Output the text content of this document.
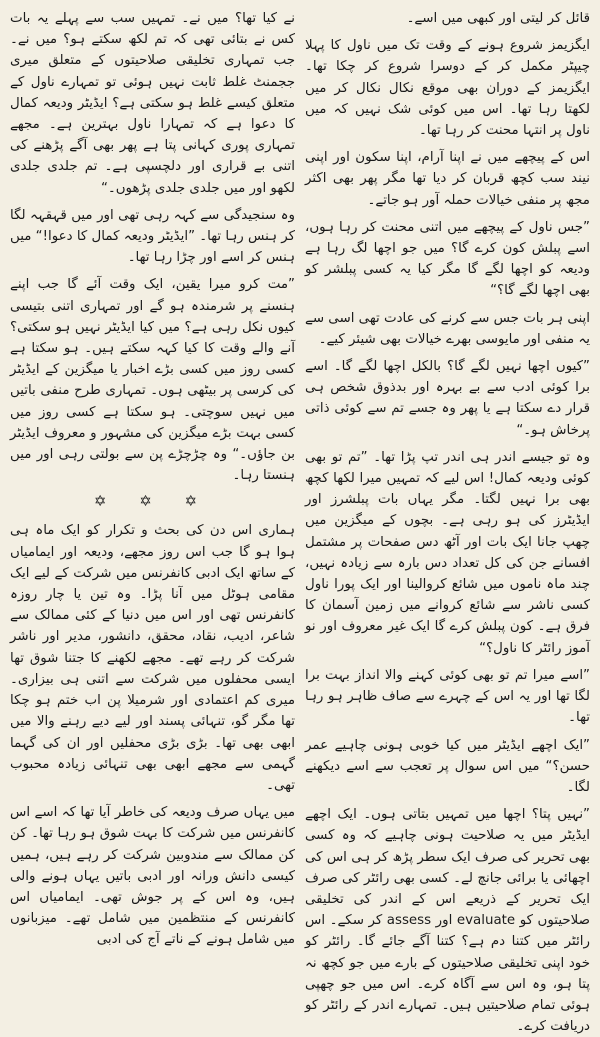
قائل کر لیتی اور کبھی میں اسے۔

ایگزیمز شروع ہونے کے وقت تک میں ناول کا پہلا چیپٹر مکمل کر کے دوسرا شروع کر چکا تھا۔ ایگزیمز کے دوران بھی موقع نکال نکال کر میں لکھتا رہا تھا۔ اس میں کوئی شک نہیں کہ میں ناول پر انتہا محنت کر رہا تھا۔

اس کے پیچھے میں نے اپنا آرام، اپنا سکون اور اپنی نیند سب کچھ قربان کر دیا تھا مگر پھر بھی اکثر مجھ پر منفی خیالات حملہ آور ہو جاتے۔

”جس ناول کے پیچھے میں اتنی محنت کر رہا ہوں، اسے پبلش کون کرے گا؟ میں جو اچھا لگ رہا ہے ودیعہ کو اچھا لگے گا مگر کیا یہ کسی پبلشر کو بھی اچھا لگے گا؟“

اپنی ہر بات جس سے کرنے کی عادت تھی اسی سے یہ منفی اور مایوسی بھرے خیالات بھی شیئر کیے۔

”کیوں اچھا نہیں لگے گا؟ بالکل اچھا لگے گا۔ اسے برا کوئی ادب سے بے بہرہ اور بدذوق شخص ہی قرار دے سکتا ہے یا پھر وہ جسے تم سے کوئی ذاتی پرخاش ہو۔“

وہ تو جیسے اندر ہی اندر تپ پڑا تھا۔ ”تم تو بھی کوئی ودیعہ کمال! اس لیے کہ تمہیں میرا لکھا کچھ بھی برا نہیں لگتا۔ مگر یہاں بات پبلشرز اور ایڈیٹرز کی ہو رہی ہے۔ بچوں کے میگزین میں چھپ جانا ایک بات اور آٹھ دس صفحات پر مشتمل افسانے جن کی کل تعداد دس بارہ سے زیادہ نہیں، چند ماہ ناموں میں شائع کروالینا اور ایک پورا ناول کسی ناشر سے شائع کروانے میں زمین آسمان کا فرق ہے۔ کون پبلش کرے گا ایک غیر معروف اور نو آموز رائٹر کا ناول؟“

”اسے میرا تم تو بھی کوئی کہنے والا انداز بہت برا لگا تھا اور یہ اس کے چہرے سے صاف ظاہر ہو رہا تھا۔

”ایک اچھے ایڈیٹر میں کیا خوبی ہونی چاہیے عمر حسن؟“ میں اس سوال پر تعجب سے اسے دیکھنے لگا۔

”نہیں پتا؟ اچھا میں تمہیں بتاتی ہوں۔ ایک اچھے ایڈیٹر میں یہ صلاحیت ہونی چاہیے کہ وہ کسی بھی تحریر کی صرف ایک سطر پڑھ کر ہی اس کی اچھائی یا برائی جانچ لے۔ کسی بھی رائٹر کی صرف ایک تحریر کے ذریعے اس کے اندر کی تخلیقی صلاحیتوں کو evaluate اور assess کر سکے۔ اس رائٹر میں کتنا دم ہے؟ کتنا آگے جائے گا۔ رائٹر کو خود اپنی تخلیقی صلاحیتوں کے بارے میں جو کچھ نہ پتا ہو، وہ اس سے آگاہ کرے۔ اس میں جو چھپی ہوئی تمام صلاحیتیں ہیں۔ تمہارے اندر کے رائٹر کو دریافت کرے۔

نے کیا تھا؟ میں نے۔ تمہیں سب سے پہلے یہ بات کس نے بتائی تھی کہ تم لکھ سکتے ہو؟ میں نے۔ جب تمہاری تخلیقی صلاحیتوں کے متعلق میری ججمنٹ غلط ثابت نہیں ہوئی تو تمہارے ناول کے متعلق کیسے غلط ہو سکتی ہے؟ ایڈیٹر ودیعہ کمال کا دعوا ہے کہ تمہارا ناول بہترین ہے۔ مجھے تمہاری پوری کہانی پتا ہے پھر بھی آگے پڑھنے کی اتنی بے قراری اور دلچسپی ہے۔ تم جلدی جلدی لکھو اور میں جلدی جلدی پڑھوں۔“

وہ سنجیدگی سے کہہ رہی تھی اور میں قہقہہ لگا کر ہنس رہا تھا۔ ”ایڈیٹر ودیعہ کمال کا دعوا!“ میں ہنس کر اسے اور چڑا رہا تھا۔

”مت کرو میرا یقین، ایک وقت آئے گا جب اپنے ہنسنے پر شرمندہ ہو گے اور تمہاری اتنی بتیسی کیوں نکل رہی ہے؟ میں کیا ایڈیٹر نہیں ہو سکتی؟ آنے والے وقت کا کیا کہہ سکتے ہیں۔ ہو سکتا ہے کسی روز میں کسی بڑے اخبار یا میگزین کے ایڈیٹر کی کرسی پر بیٹھی ہوں۔ تمہاری طرح منفی باتیں میں نہیں سوچتی۔ ہو سکتا ہے کسی روز میں کسی بہت بڑے میگزین کی مشہور و معروف ایڈیٹر بن جاؤں۔“ وہ چڑچڑے پن سے بولتی رہی اور میں ہنستا رہا۔

✡ ✡ ✡

ہماری اس دن کی بحث و تکرار کو ایک ماہ ہی ہوا ہو گا جب اس روز مجھے، ودیعہ اور ایمامیاں کے ساتھ ایک ادبی کانفرنس میں شرکت کے لیے ایک مقامی ہوٹل میں آنا پڑا۔ وہ تین یا چار روزہ کانفرنس تھی اور اس میں دنیا کے کئی ممالک سے شاعر، ادیب، نقاد، محقق، دانشور، مدیر اور ناشر شرکت کر رہے تھے۔ مجھے لکھنے کا جتنا شوق تھا ایسی محفلوں میں شرکت سے اتنی ہی بیزاری۔ میری کم اعتمادی اور شرمیلا پن اب ختم ہو چکا تھا مگر گو، تنہائی پسند اور لیے دیے رہنے والا میں ابھی بھی تھا۔ بڑی بڑی محفلیں اور ان کی گہما گہمی سے مجھے ابھی بھی تنہائی زیادہ محبوب تھی۔

میں یہاں صرف ودیعہ کی خاطر آیا تھا کہ اسے اس کانفرنس میں شرکت کا بہت شوق ہو رہا تھا۔ کن کن ممالک سے مندوبین شرکت کر رہے ہیں، ہمیں کیسی دانش ورانہ اور ادبی باتیں یہاں ہونے والی ہیں، وہ اس کے پر جوش تھی۔ ایمامیاں اس کانفرنس کے منتظمین میں شامل تھے۔ میزبانوں میں شامل ہونے کے ناتے آج کی ادبی
